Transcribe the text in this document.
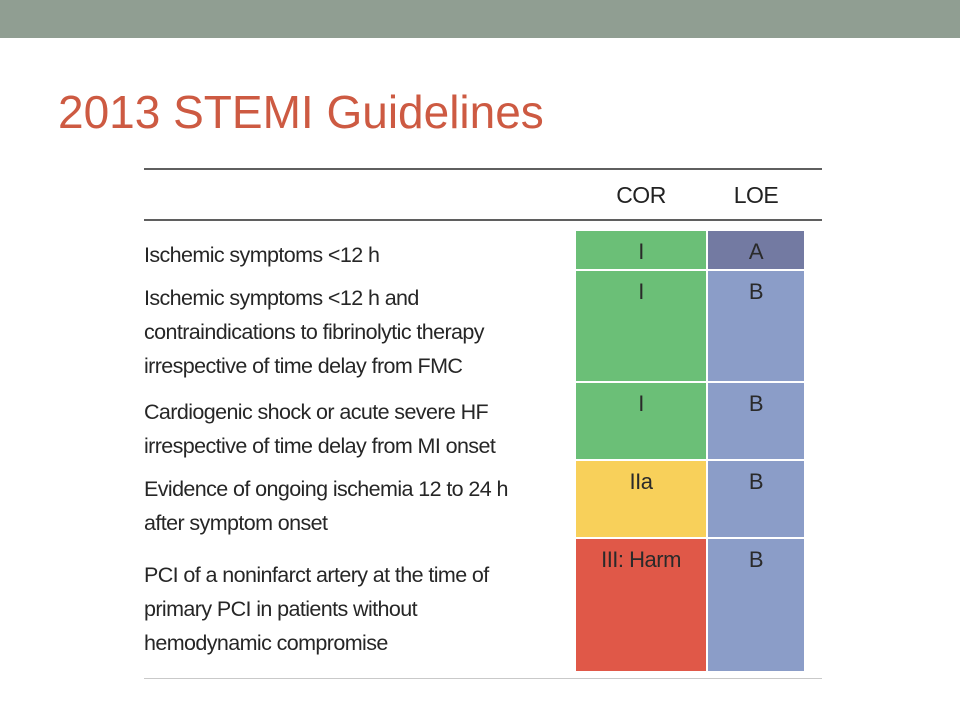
2013 STEMI Guidelines
COR	LOE
Ischemic symptoms <12 h	I	A
Ischemic symptoms <12 h and
contraindications to fibrinolytic therapy
irrespective of time delay from FMC
I	B
Cardiogenic shock or acute severe HF
irrespective of time delay from MI onset
I	B
Evidence of ongoing ischemia 12 to 24 h
after symptom onset
IIa	B
PCI of a noninfarct artery at the time of
primary PCI in patients without
hemodynamic compromise
III: Harm	B
